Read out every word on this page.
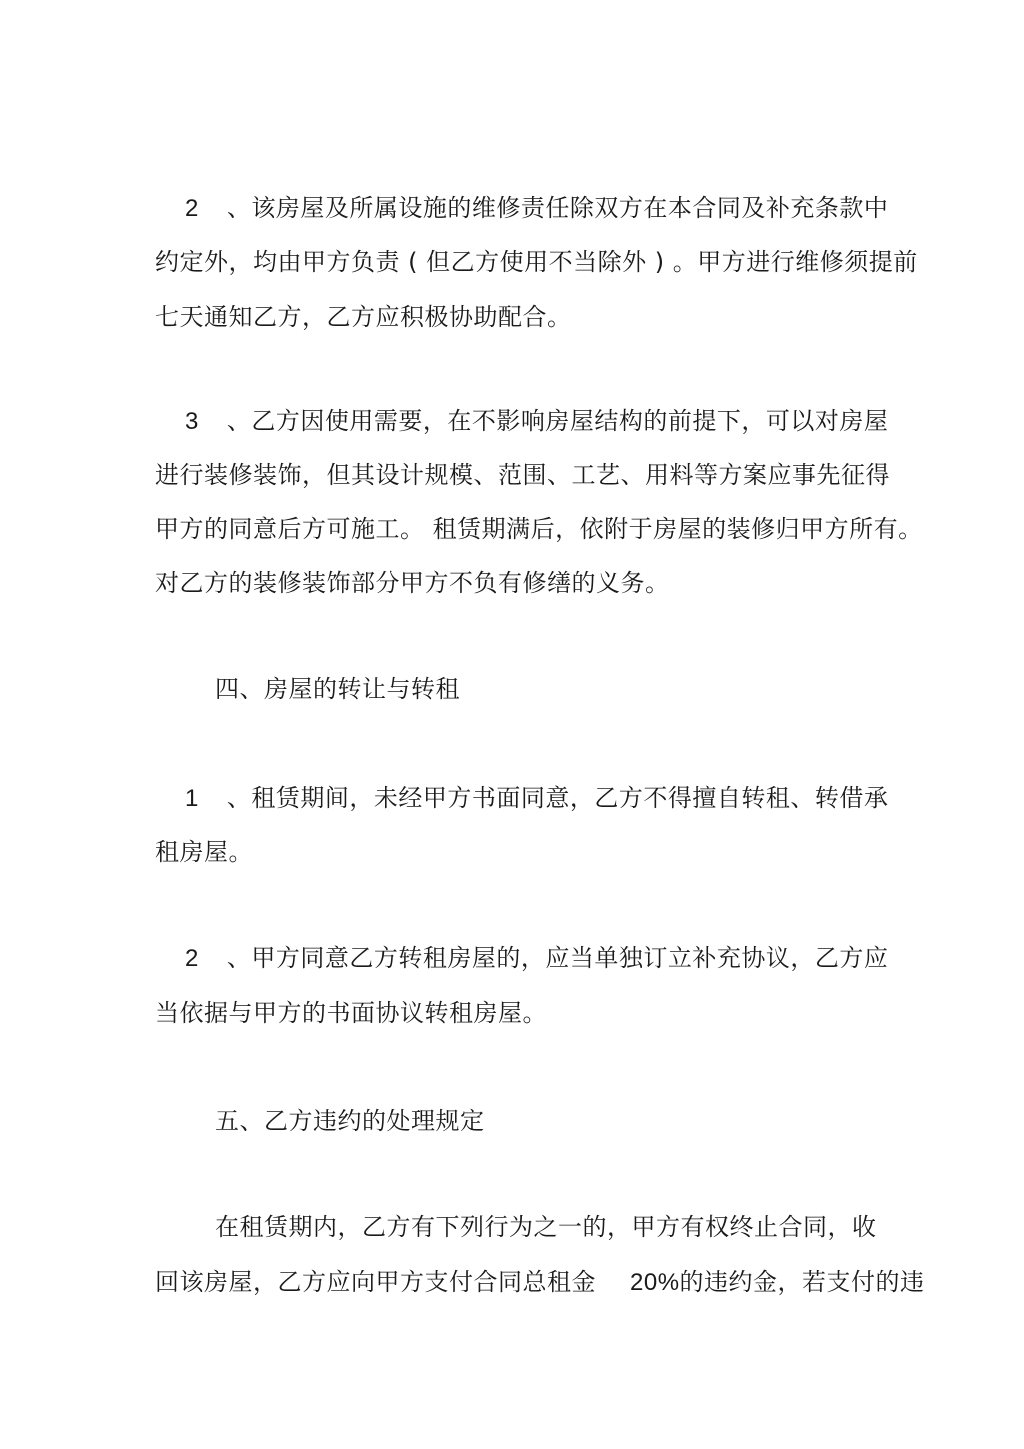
2 、该房屋及所属设施的维修责任除双方在本合同及补充条款中
约定外，均由甲方负责 ( 但乙方使用不当除外 ) 。甲方进行维修须提前
七天通知乙方，乙方应积极协助配合。
3 、乙方因使用需要，在不影响房屋结构的前提下，可以对房屋
进行装修装饰，但其设计规模、范围、工艺、用料等方案应事先征得
甲方的同意后方可施工。 租赁期满后，依附于房屋的装修归甲方所有。
对乙方的装修装饰部分甲方不负有修缮的义务。
四、房屋的转让与转租
1 、租赁期间，未经甲方书面同意，乙方不得擅自转租、转借承
租房屋。
2 、甲方同意乙方转租房屋的，应当单独订立补充协议，乙方应
当依据与甲方的书面协议转租房屋。
五、乙方违约的处理规定
在租赁期内，乙方有下列行为之一的，甲方有权终止合同，收
回该房屋，乙方应向甲方支付合同总租金 20%的违约金，若支付的违
